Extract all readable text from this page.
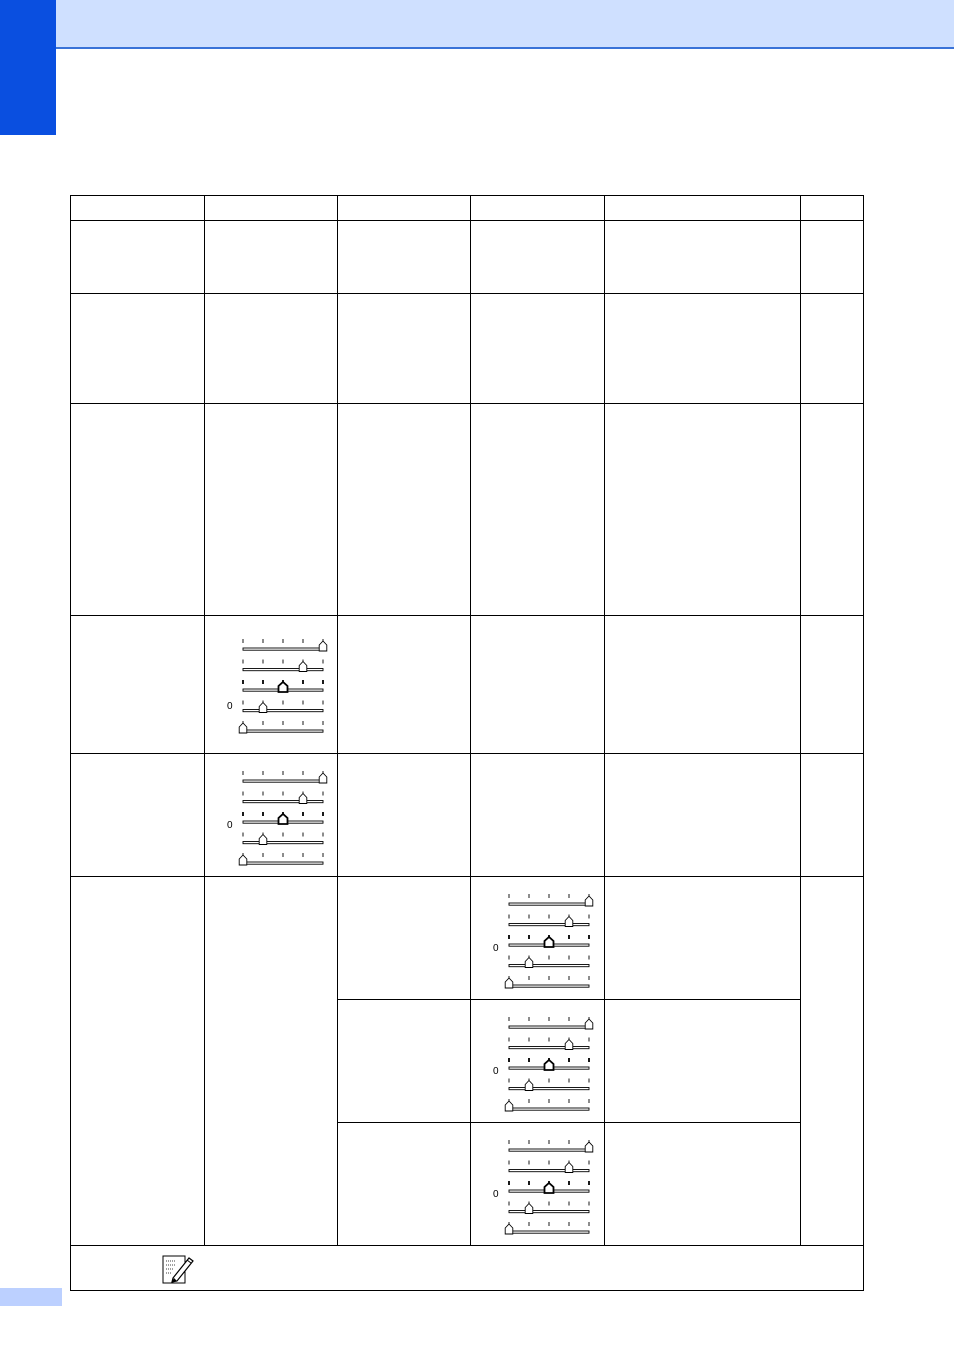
	0				

	0				

			0		

			0		

			0		
